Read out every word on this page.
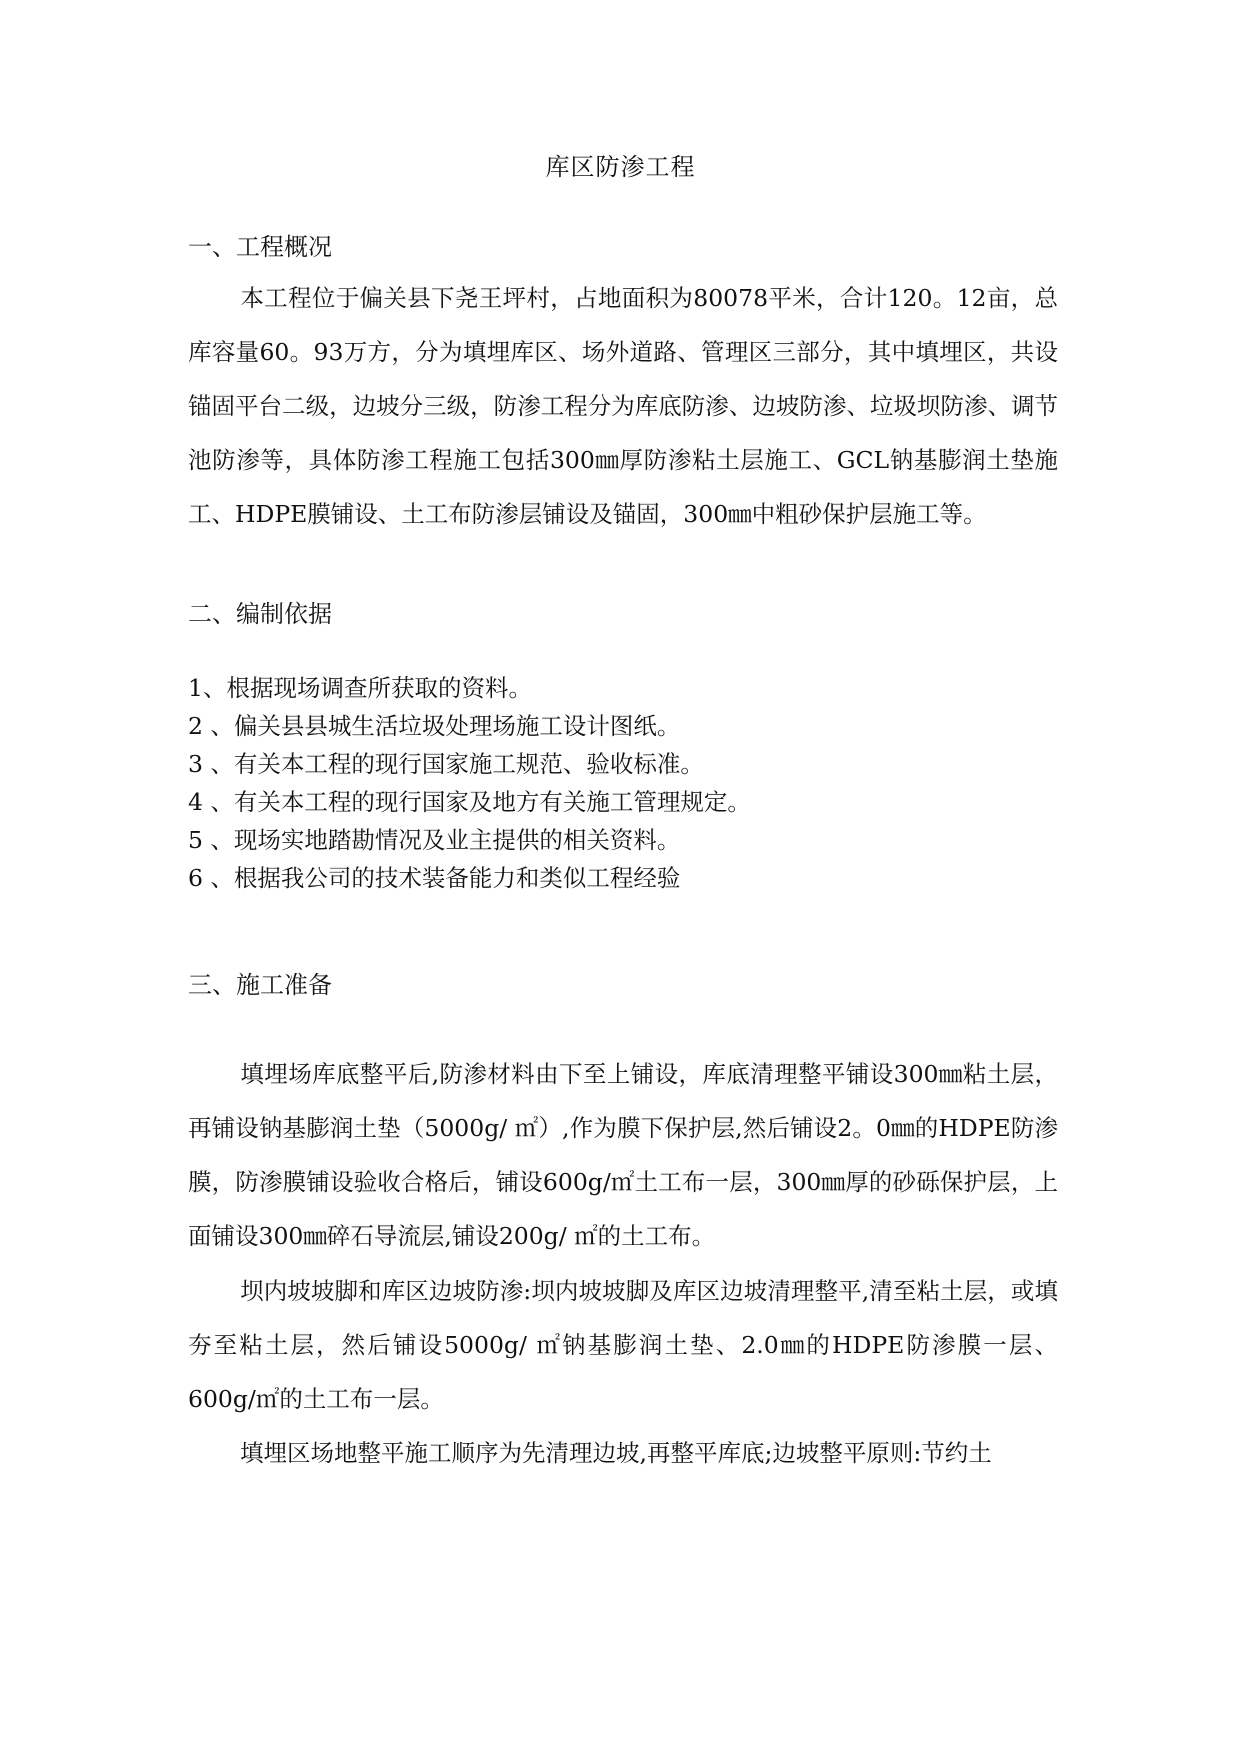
库区防渗工程
一、工程概况

本工程位于偏关县下尧王坪村，占地面积为80078平米，合计120。12亩，总库容量60。93万方，分为填埋库区、场外道路、管理区三部分，其中填埋区，共设锚固平台二级，边坡分三级，防渗工程分为库底防渗、边坡防渗、垃圾坝防渗、调节池防渗等，具体防渗工程施工包括300㎜厚防渗粘土层施工、GCL钠基膨润土垫施工、HDPE膜铺设、土工布防渗层铺设及锚固，300㎜中粗砂保护层施工等。

二、编制依据
1、根据现场调查所获取的资料。
2 、偏关县县城生活垃圾处理场施工设计图纸。
3 、有关本工程的现行国家施工规范、验收标准。
4 、有关本工程的现行国家及地方有关施工管理规定。
5 、现场实地踏勘情况及业主提供的相关资料。
6 、根据我公司的技术装备能力和类似工程经验
三、施工准备

填埋场库底整平后,防渗材料由下至上铺设，库底清理整平铺设300㎜粘土层，再铺设钠基膨润土垫（5000g/ ㎡）,作为膜下保护层,然后铺设2。0㎜的HDPE防渗膜，防渗膜铺设验收合格后，铺设600g/㎡土工布一层，300㎜厚的砂砾保护层，上面铺设300㎜碎石导流层,铺设200g/ ㎡的土工布。

坝内坡坡脚和库区边坡防渗:坝内坡坡脚及库区边坡清理整平,清至粘土层，或填夯至粘土层，然后铺设5000g/ ㎡钠基膨润土垫、2.0㎜的HDPE防渗膜一层、600g/㎡的土工布一层。

填埋区场地整平施工顺序为先清理边坡,再整平库底;边坡整平原则:节约土
